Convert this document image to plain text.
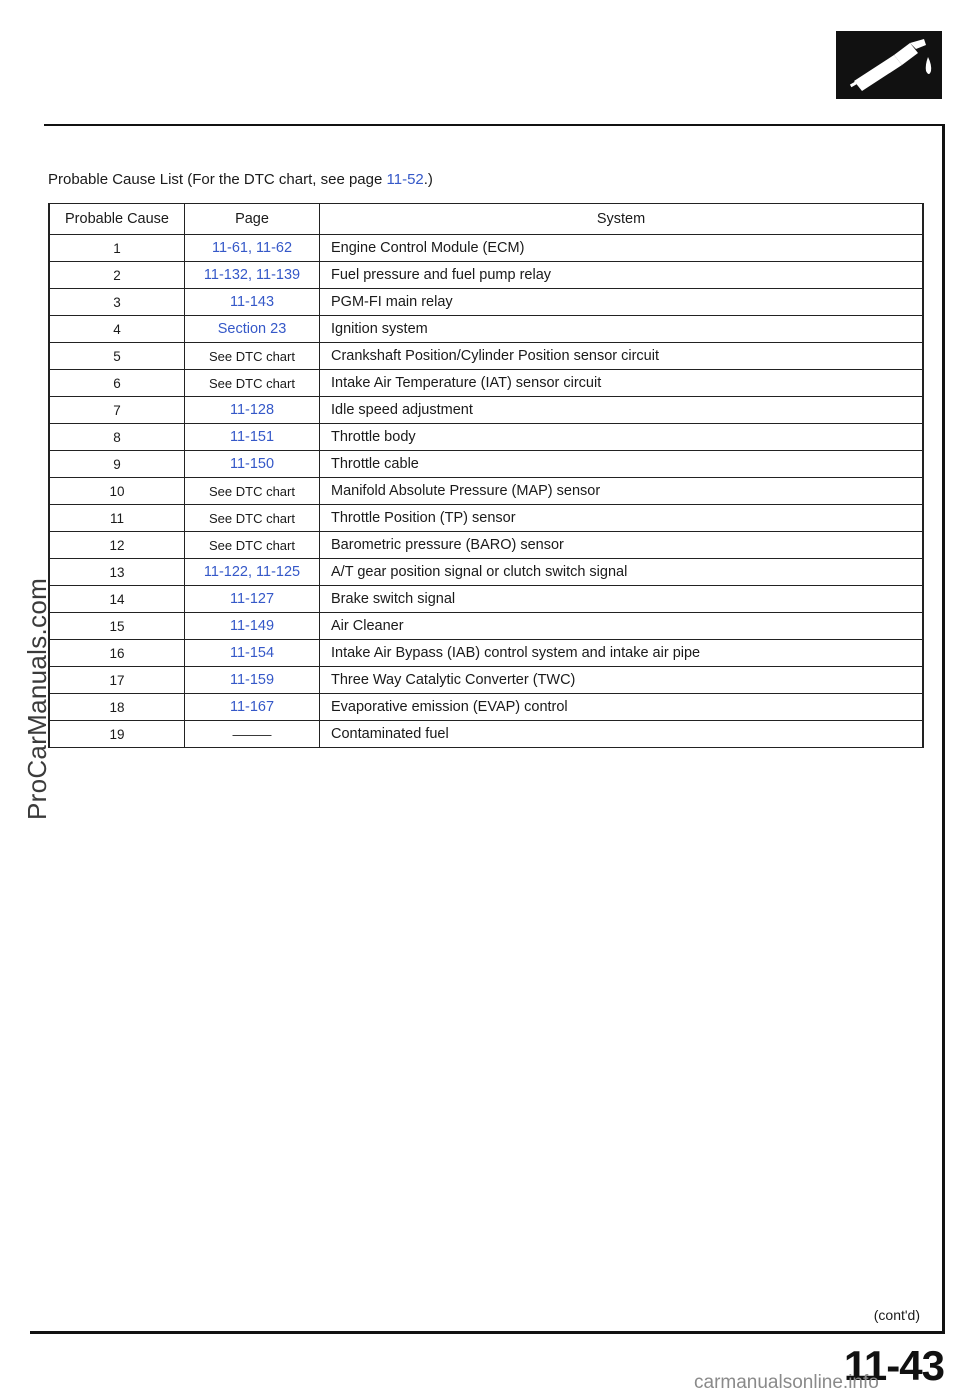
Probable Cause List (For the DTC chart, see page 11-52.)
Probable Cause	Page	System
1	11-61, 11-62	Engine Control Module (ECM)
2	11-132, 11-139	Fuel pressure and fuel pump relay
3	11-143	PGM-FI main relay
4	Section 23	Ignition system
5	See DTC chart	Crankshaft Position/Cylinder Position sensor circuit
6	See DTC chart	Intake Air Temperature (IAT) sensor circuit
7	11-128	Idle speed adjustment
8	11-151	Throttle body
9	11-150	Throttle cable
10	See DTC chart	Manifold Absolute Pressure (MAP) sensor
11	See DTC chart	Throttle Position (TP) sensor
12	See DTC chart	Barometric pressure (BARO) sensor
13	11-122, 11-125	A/T gear position signal or clutch switch signal
14	11-127	Brake switch signal
15	11-149	Air Cleaner
16	11-154	Intake Air Bypass (IAB) control system and intake air pipe
17	11-159	Three Way Catalytic Converter (TWC)
18	11-167	Evaporative emission (EVAP) control
19	———	Contaminated fuel
ProCarManuals.com
(cont'd)
11-43
carmanualsonline.info
